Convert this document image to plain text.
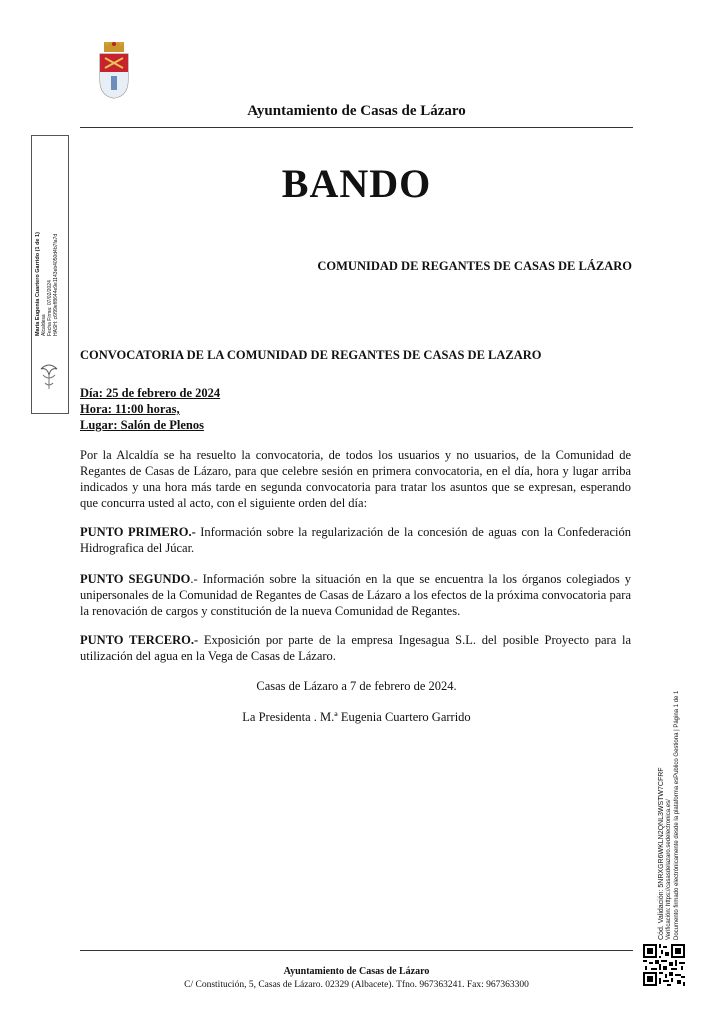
Ayuntamiento de Casas de Lázaro
BANDO
COMUNIDAD DE REGANTES DE CASAS DE LÁZARO
María Eugenia Cuartero Garrido (1 de 1) Alcaldesa Fecha Firma: 07/02/2024 HASH: c6f99eff8644e9e1143eb4050d4b7fa7d
CONVOCATORIA DE LA COMUNIDAD DE REGANTES DE CASAS DE LAZARO
Día: 25 de febrero de 2024
Hora: 11:00 horas,
Lugar: Salón de Plenos
Por la Alcaldía se ha resuelto la convocatoria, de todos los usuarios y no usuarios, de la Comunidad de Regantes de Casas de Lázaro, para que celebre sesión en primera convocatoria, en el día, hora y lugar arriba indicados y una hora más tarde en segunda convocatoria para tratar los asuntos que se expresan, esperando que concurra usted al acto, con el siguiente orden del día:
PUNTO PRIMERO.- Información sobre la regularización de la concesión de aguas con la Confederación Hidrografica del Júcar.
PUNTO SEGUNDO.- Información sobre la situación en la que se encuentra la los órganos colegiados y unipersonales de la Comunidad de Regantes de Casas de Lázaro a los efectos de la próxima convocatoria para la renovación de cargos y constitución de la nueva Comunidad de Regantes.
PUNTO TERCERO.- Exposición por parte de la empresa Ingesagua S.L. del posible Proyecto para la utilización del agua en la Vega de Casas de Lázaro.
Casas de Lázaro a 7 de febrero de 2024.
La Presidenta . M.ª Eugenia Cuartero Garrido
Cód. Validación: 5NRXGR6WKLN2QNL3WSTW7CFRF Verificación: https://casasdelazaro.sedelectronica.es/ Documento firmado electrónicamente desde la plataforma esPublico Gestiona | Página 1 de 1
Ayuntamiento de Casas de Lázaro
C/ Constitución, 5, Casas de Lázaro. 02329 (Albacete). Tfno. 967363241. Fax: 967363300
